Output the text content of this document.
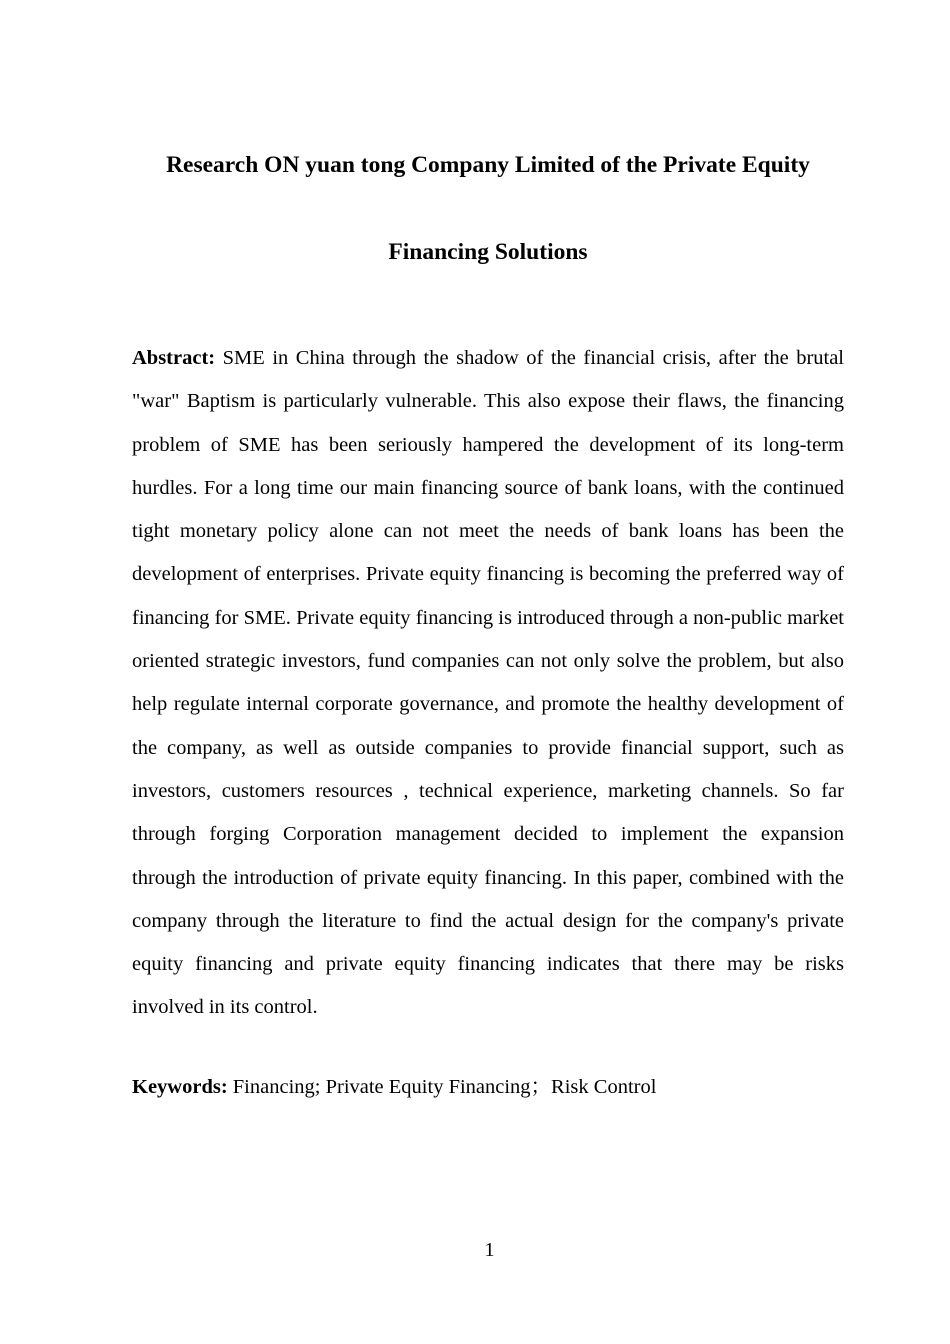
Research ON yuan tong Company Limited of the Private Equity
Financing Solutions

Abstract: SME in China through the shadow of the financial crisis, after the brutal "war" Baptism is particularly vulnerable. This also expose their flaws, the financing problem of SME has been seriously hampered the development of its long-term hurdles. For a long time our main financing source of bank loans, with the continued tight monetary policy alone can not meet the needs of bank loans has been the development of enterprises. Private equity financing is becoming the preferred way of financing for SME. Private equity financing is introduced through a non-public market oriented strategic investors, fund companies can not only solve the problem, but also help regulate internal corporate governance, and promote the healthy development of the company, as well as outside companies to provide financial support, such as investors, customers resources , technical experience, marketing channels. So far through forging Corporation management decided to implement the expansion through the introduction of private equity financing. In this paper, combined with the company through the literature to find the actual design for the company's private equity financing and private equity financing indicates that there may be risks involved in its control.

Keywords: Financing; Private Equity Financing；Risk Control

1
